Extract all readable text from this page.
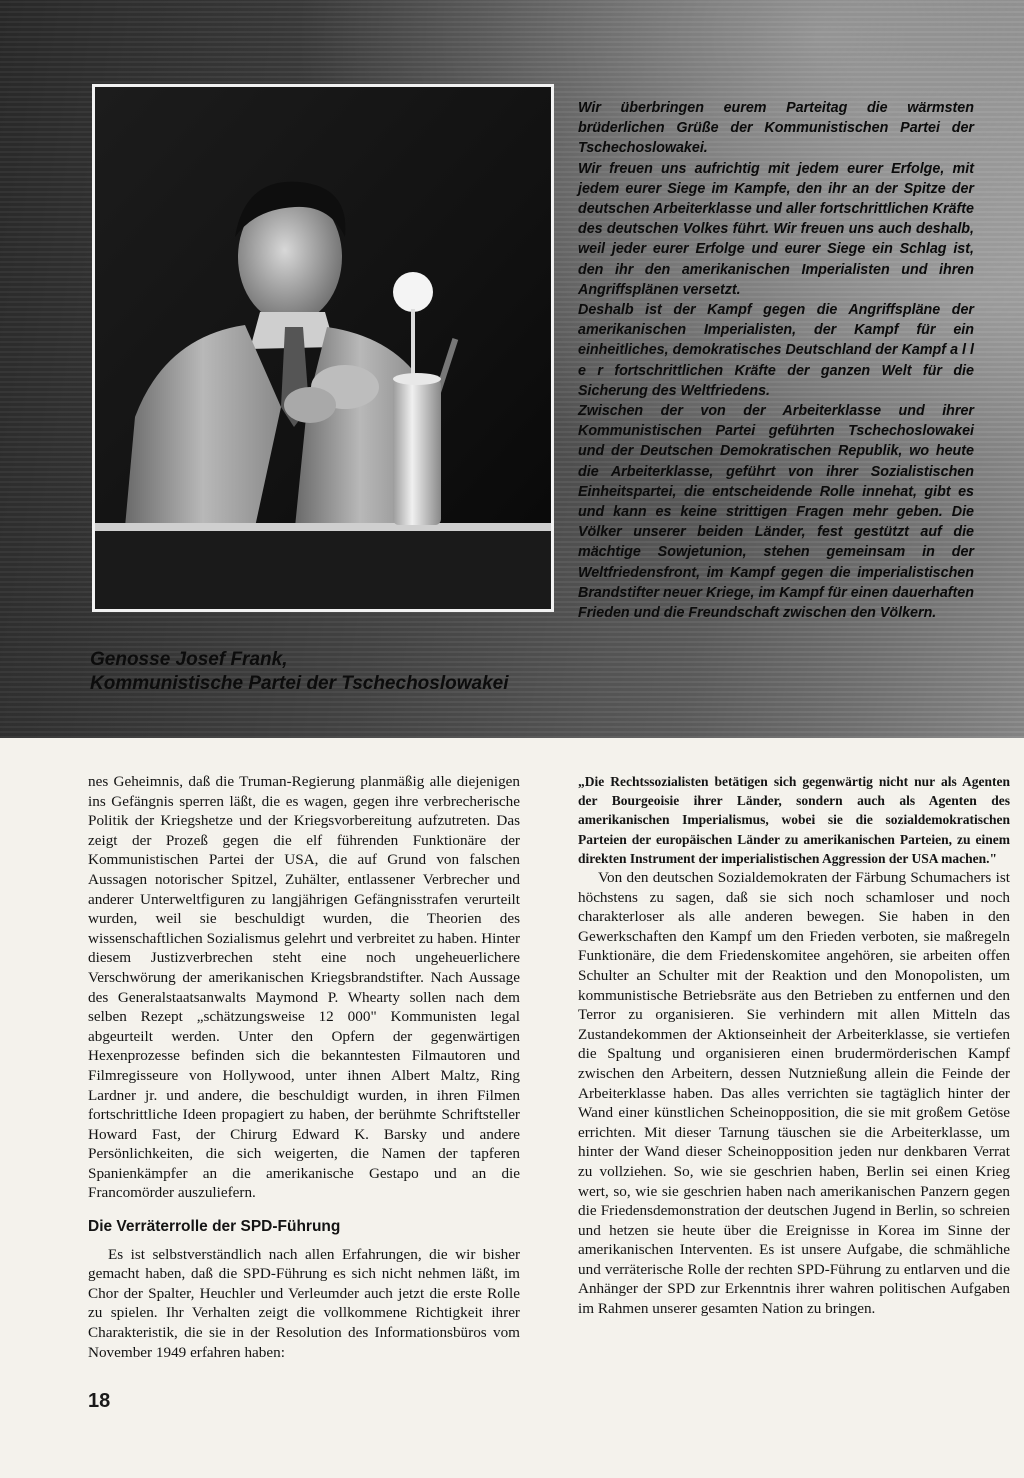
Wir überbringen eurem Parteitag die wärmsten brüderlichen Grüße der Kommunistischen Partei der Tschechoslowakei.

Wir freuen uns aufrichtig mit jedem eurer Erfolge, mit jedem eurer Siege im Kampfe, den ihr an der Spitze der deutschen Arbeiterklasse und aller fortschrittlichen Kräfte des deutschen Volkes führt. Wir freuen uns auch deshalb, weil jeder eurer Erfolge und eurer Siege ein Schlag ist, den ihr den amerikanischen Imperialisten und ihren Angriffsplänen versetzt.

Deshalb ist der Kampf gegen die Angriffspläne der amerikanischen Imperialisten, der Kampf für ein einheitliches, demokratisches Deutschland der Kampf a l l e r fortschrittlichen Kräfte der ganzen Welt für die Sicherung des Weltfriedens.

Zwischen der von der Arbeiterklasse und ihrer Kommunistischen Partei geführten Tschechoslowakei und der Deutschen Demokratischen Republik, wo heute die Arbeiterklasse, geführt von ihrer Sozialistischen Einheitspartei, die entscheidende Rolle innehat, gibt es und kann es keine strittigen Fragen mehr geben. Die Völker unserer beiden Länder, fest gestützt auf die mächtige Sowjetunion, stehen gemeinsam in der Weltfriedensfront, im Kampf gegen die imperialistischen Brandstifter neuer Kriege, im Kampf für einen dauerhaften Frieden und die Freundschaft zwischen den Völkern.

Genosse Josef Frank,
Kommunistische Partei der Tschechoslowakei

nes Geheimnis, daß die Truman-Regierung planmäßig alle diejenigen ins Gefängnis sperren läßt, die es wagen, gegen ihre verbrecherische Politik der Kriegshetze und der Kriegsvorbereitung aufzutreten. Das zeigt der Prozeß gegen die elf führenden Funktionäre der Kommunistischen Partei der USA, die auf Grund von falschen Aussagen notorischer Spitzel, Zuhälter, entlassener Verbrecher und anderer Unterweltfiguren zu langjährigen Gefängnisstrafen verurteilt wurden, weil sie beschuldigt wurden, die Theorien des wissenschaftlichen Sozialismus gelehrt und verbreitet zu haben. Hinter diesem Justizverbrechen steht eine noch ungeheuerlichere Verschwörung der amerikanischen Kriegsbrandstifter. Nach Aussage des Generalstaatsanwalts Maymond P. Whearty sollen nach dem selben Rezept „schätzungsweise 12 000" Kommunisten legal abgeurteilt werden. Unter den Opfern der gegenwärtigen Hexenprozesse befinden sich die bekanntesten Filmautoren und Filmregisseure von Hollywood, unter ihnen Albert Maltz, Ring Lardner jr. und andere, die beschuldigt wurden, in ihren Filmen fortschrittliche Ideen propagiert zu haben, der berühmte Schriftsteller Howard Fast, der Chirurg Edward K. Barsky und andere Persönlichkeiten, die sich weigerten, die Namen der tapferen Spanienkämpfer an die amerikanische Gestapo und an die Francomörder auszuliefern.

Die Verräterrolle der SPD-Führung

Es ist selbstverständlich nach allen Erfahrungen, die wir bisher gemacht haben, daß die SPD-Führung es sich nicht nehmen läßt, im Chor der Spalter, Heuchler und Verleumder auch jetzt die erste Rolle zu spielen. Ihr Verhalten zeigt die vollkommene Richtigkeit ihrer Charakteristik, die sie in der Resolution des Informationsbüros vom November 1949 erfahren haben:

„Die Rechtssozialisten betätigen sich gegenwärtig nicht nur als Agenten der Bourgeoisie ihrer Länder, sondern auch als Agenten des amerikanischen Imperialismus, wobei sie die sozialdemokratischen Parteien der europäischen Länder zu amerikanischen Parteien, zu einem direkten Instrument der imperialistischen Aggression der USA machen."

Von den deutschen Sozialdemokraten der Färbung Schumachers ist höchstens zu sagen, daß sie sich noch schamloser und noch charakterloser als alle anderen bewegen. Sie haben in den Gewerkschaften den Kampf um den Frieden verboten, sie maßregeln Funktionäre, die dem Friedenskomitee angehören, sie arbeiten offen Schulter an Schulter mit der Reaktion und den Monopolisten, um kommunistische Betriebsräte aus den Betrieben zu entfernen und den Terror zu organisieren. Sie verhindern mit allen Mitteln das Zustandekommen der Aktionseinheit der Arbeiterklasse, sie vertiefen die Spaltung und organisieren einen brudermörderischen Kampf zwischen den Arbeitern, dessen Nutznießung allein die Feinde der Arbeiterklasse haben. Das alles verrichten sie tagtäglich hinter der Wand einer künstlichen Scheinopposition, die sie mit großem Getöse errichten. Mit dieser Tarnung täuschen sie die Arbeiterklasse, um hinter der Wand dieser Scheinopposition jeden nur denkbaren Verrat zu vollziehen. So, wie sie geschrien haben, Berlin sei einen Krieg wert, so, wie sie geschrien haben nach amerikanischen Panzern gegen die Friedensdemonstration der deutschen Jugend in Berlin, so schreien und hetzen sie heute über die Ereignisse in Korea im Sinne der amerikanischen Interventen. Es ist unsere Aufgabe, die schmähliche und verräterische Rolle der rechten SPD-Führung zu entlarven und die Anhänger der SPD zur Erkenntnis ihrer wahren politischen Aufgaben im Rahmen unserer gesamten Nation zu bringen.

18
